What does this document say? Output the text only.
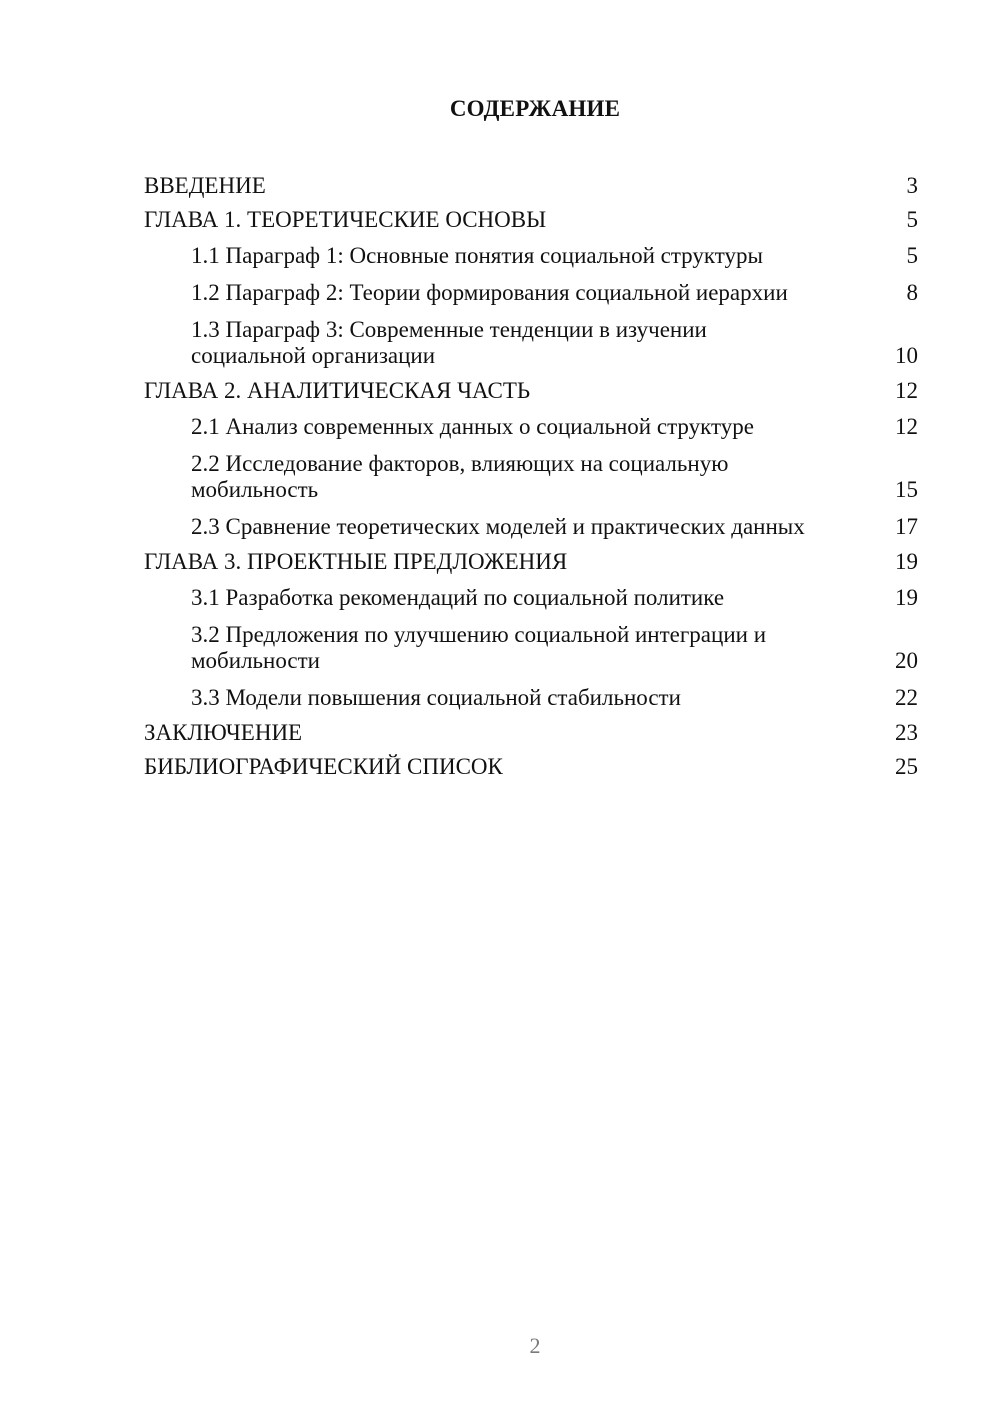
СОДЕРЖАНИЕ
ВВЕДЕНИЕ	3
ГЛАВА 1. ТЕОРЕТИЧЕСКИЕ ОСНОВЫ	5
1.1 Параграф 1: Основные понятия социальной структуры	5
1.2 Параграф 2: Теории формирования социальной иерархии	8
1.3 Параграф 3: Современные тенденции в изучении социальной организации	10
ГЛАВА 2. АНАЛИТИЧЕСКАЯ ЧАСТЬ	12
2.1 Анализ современных данных о социальной структуре	12
2.2 Исследование факторов, влияющих на социальную мобильность	15
2.3 Сравнение теоретических моделей и практических данных	17
ГЛАВА 3. ПРОЕКТНЫЕ ПРЕДЛОЖЕНИЯ	19
3.1 Разработка рекомендаций по социальной политике	19
3.2 Предложения по улучшению социальной интеграции и мобильности	20
3.3 Модели повышения социальной стабильности	22
ЗАКЛЮЧЕНИЕ	23
БИБЛИОГРАФИЧЕСКИЙ СПИСОК	25
2
